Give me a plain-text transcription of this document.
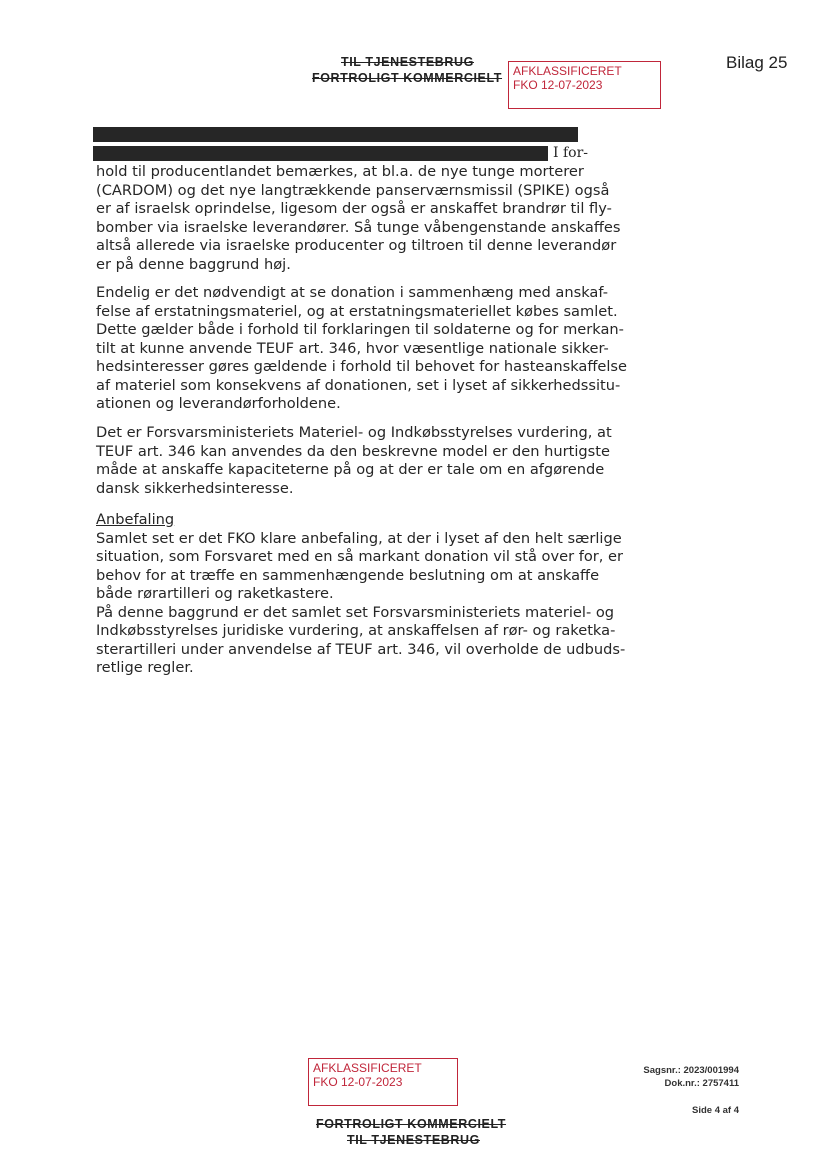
TIL TJENESTEBRUG
FORTROLIGT KOMMERCIELT AFKLASSIFICERET
FKO 12-07-2023
Bilag 25
I for-
hold til producentlandet bemærkes, at bl.a. de nye tunge morterer
(CARDOM) og det nye langtrækkende panserværnsmissil (SPIKE) også
er af israelsk oprindelse, ligesom der også er anskaffet brandrør til fly-
bomber via israelske leverandører. Så tunge våbengenstande anskaffes
altså allerede via israelske producenter og tiltroen til denne leverandør
er på denne baggrund høj.
Endelig er det nødvendigt at se donation i sammenhæng med anskaf-
felse af erstatningsmateriel, og at erstatningsmateriellet købes samlet.
Dette gælder både i forhold til forklaringen til soldaterne og for merkan-
tilt at kunne anvende TEUF art. 346, hvor væsentlige nationale sikker-
hedsinteresser gøres gældende i forhold til behovet for hasteanskaffelse
af materiel som konsekvens af donationen, set i lyset af sikkerhedssitu-
ationen og leverandørforholdene.
Det er Forsvarsministeriets Materiel- og Indkøbsstyrelses vurdering, at
TEUF art. 346 kan anvendes da den beskrevne model er den hurtigste
måde at anskaffe kapaciteterne på og at der er tale om en afgørende
dansk sikkerhedsinteresse.
Anbefaling
Samlet set er det FKO klare anbefaling, at der i lyset af den helt særlige
situation, som Forsvaret med en så markant donation vil stå over for, er
behov for at træffe en sammenhængende beslutning om at anskaffe
både rørartilleri og raketkastere.
På denne baggrund er det samlet set Forsvarsministeriets materiel- og
Indkøbsstyrelses juridiske vurdering, at anskaffelsen af rør- og raketka-
sterartilleri under anvendelse af TEUF art. 346, vil overholde de udbuds-
retlige regler.
AFKLASSIFICERET
FKO 12-07-2023
Sagsnr.: 2023/001994
Dok.nr.: 2757411
Side 4 af 4
FORTROLIGT KOMMERCIELT
TIL TJENESTEBRUG
